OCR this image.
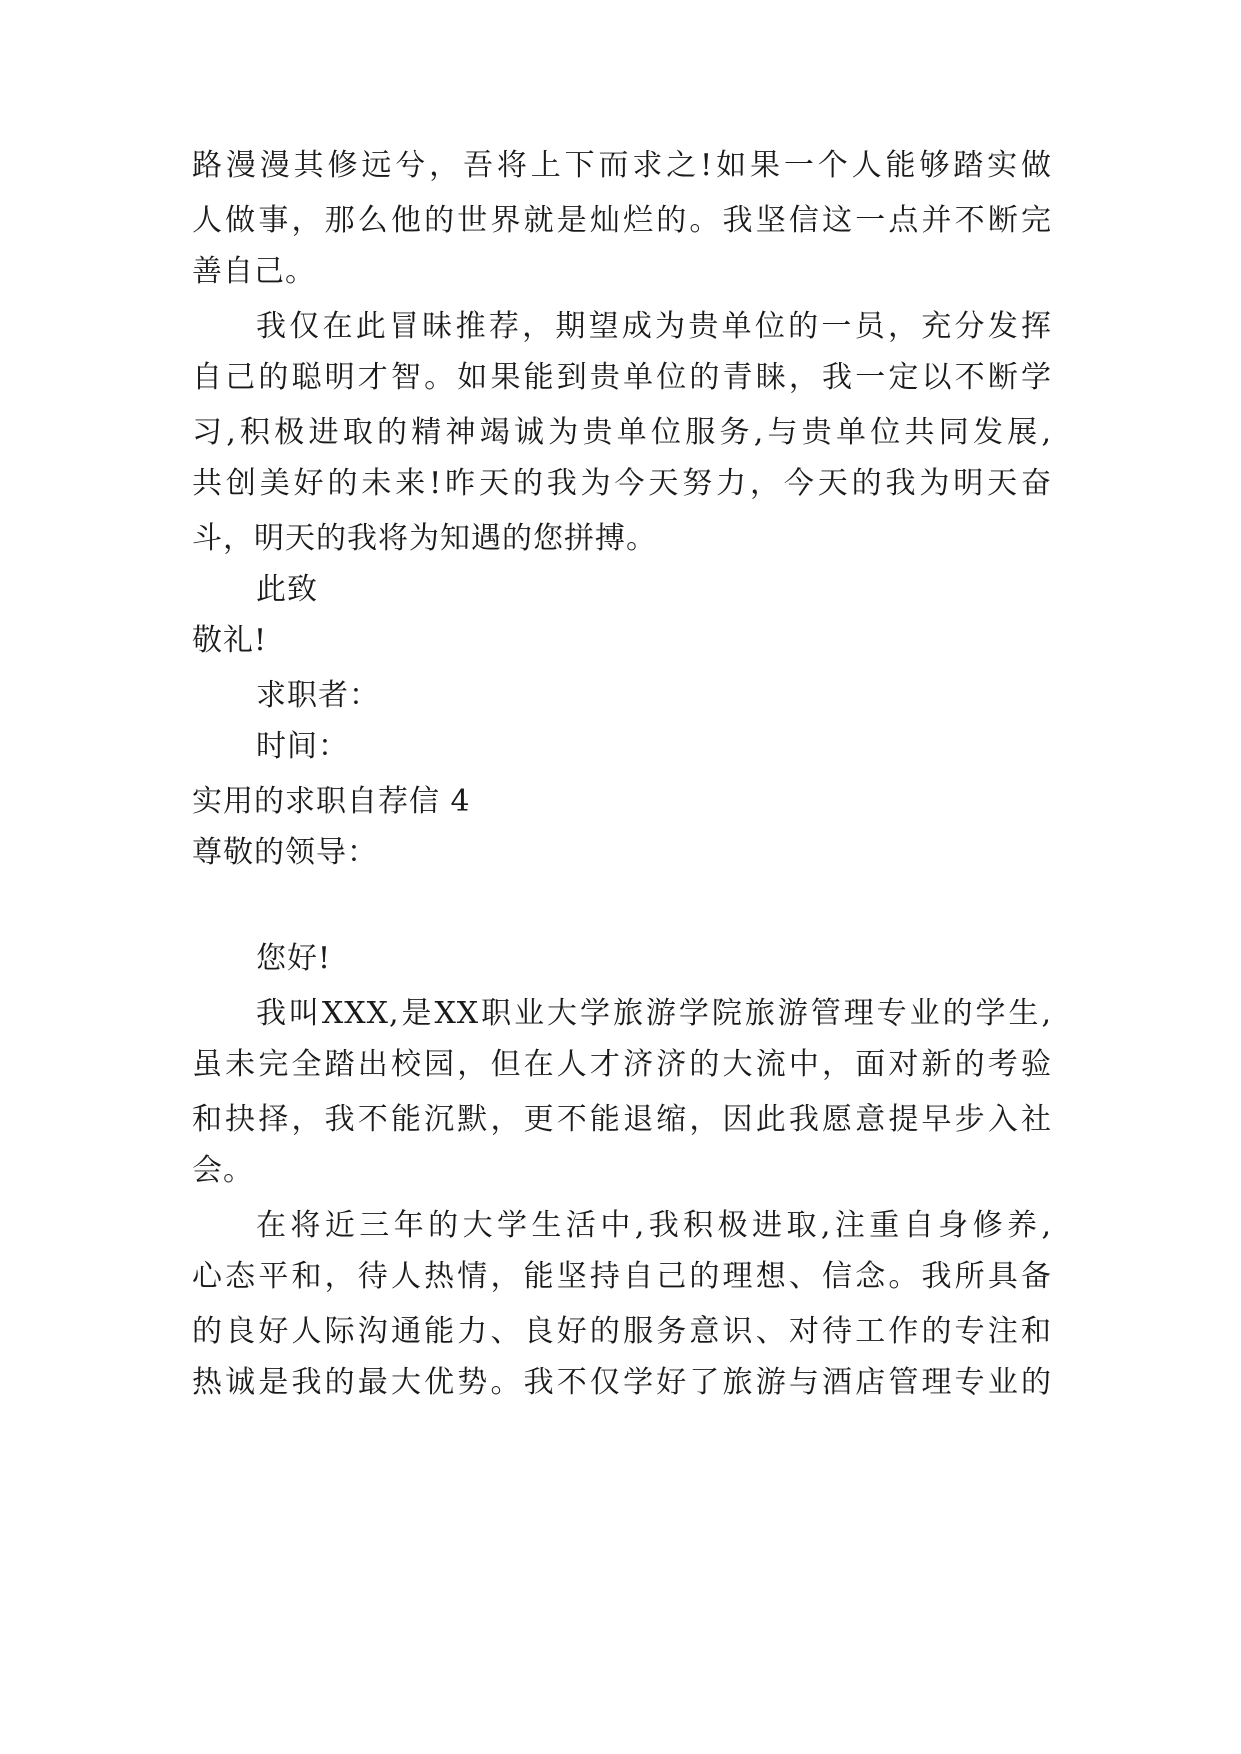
路漫漫其修远兮，吾将上下而求之!如果一个人能够踏实做
人做事，那么他的世界就是灿烂的。我坚信这一点并不断完
善自己。
我仅在此冒昧推荐，期望成为贵单位的一员，充分发挥
自己的聪明才智。如果能到贵单位的青睐，我一定以不断学
习,积极进取的精神竭诚为贵单位服务,与贵单位共同发展,
共创美好的未来!昨天的我为今天努力，今天的我为明天奋
斗，明天的我将为知遇的您拼搏。
此致
敬礼!
求职者：
时间：
实用的求职自荐信 4
尊敬的领导：
您好!
我叫XXX,是XX职业大学旅游学院旅游管理专业的学生,
虽未完全踏出校园，但在人才济济的大流中，面对新的考验
和抉择，我不能沉默，更不能退缩，因此我愿意提早步入社
会。
在将近三年的大学生活中,我积极进取,注重自身修养,
心态平和，待人热情，能坚持自己的理想、信念。我所具备
的良好人际沟通能力、良好的服务意识、对待工作的专注和
热诚是我的最大优势。我不仅学好了旅游与酒店管理专业的
